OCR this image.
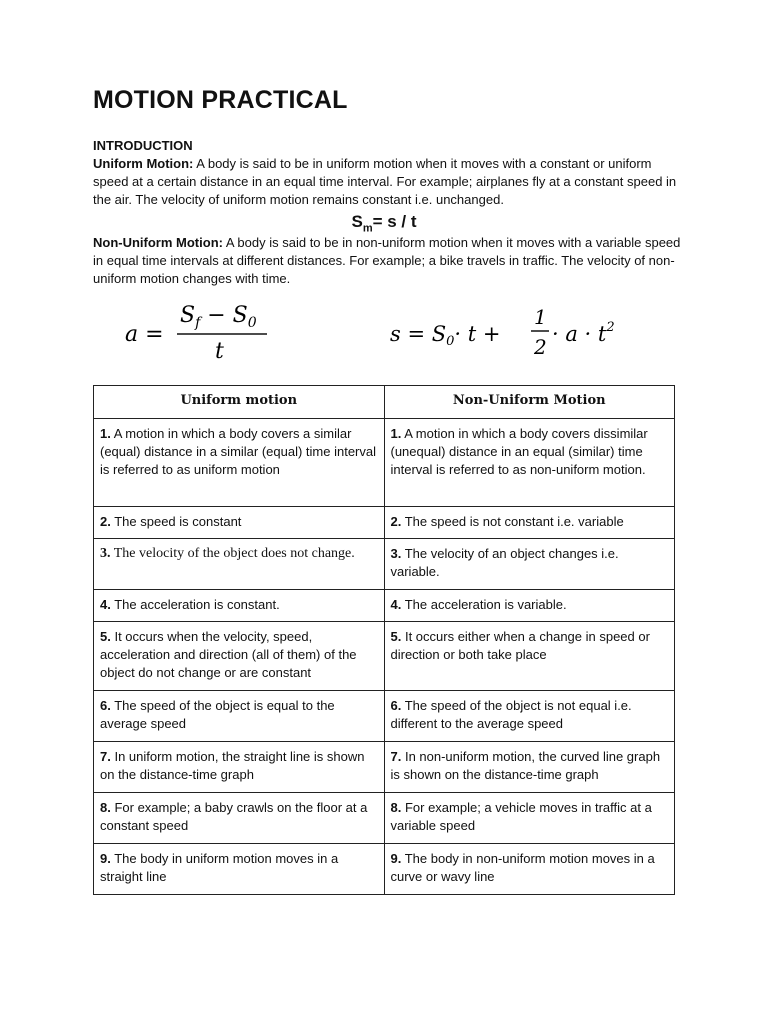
MOTION PRACTICAL
INTRODUCTION
Uniform Motion: A body is said to be in uniform motion when it moves with a constant or uniform speed at a certain distance in an equal time interval. For example; airplanes fly at a constant speed in the air. The velocity of uniform motion remains constant i.e. unchanged.
$S_m= s / t$
Non-Uniform Motion: A body is said to be in non-uniform motion when it moves with a variable speed in equal time intervals at different distances. For example; a bike travels in traffic. The velocity of non-uniform motion changes with time.
a =
$S_f - S_0$
t
s = S0· t +
1
2
· $a \cdot t^2$
Uniform motion	Non-Uniform Motion
1. A motion in which a body covers a similar (equal) distance in a similar (equal) time interval is referred to as uniform motion	1. A motion in which a body covers dissimilar (unequal) distance in an equal (similar) time interval is referred to as non-uniform motion.
2. The speed is constant	2. The speed is not constant i.e. variable
3. The velocity of the object does not change.	3. The velocity of an object changes i.e. variable.
4. The acceleration is constant.	4. The acceleration is variable.
5. It occurs when the velocity, speed, acceleration and direction (all of them) of the object do not change or are constant	5. It occurs either when a change in speed or direction or both take place
6. The speed of the object is equal to the average speed	6. The speed of the object is not equal i.e. different to the average speed
7. In uniform motion, the straight line is shown on the distance-time graph	7. In non-uniform motion, the curved line graph is shown on the distance-time graph
8. For example; a baby crawls on the floor at a constant speed	8. For example; a vehicle moves in traffic at a variable speed
9. The body in uniform motion moves in a straight line	9. The body in non-uniform motion moves in a curve or wavy line
